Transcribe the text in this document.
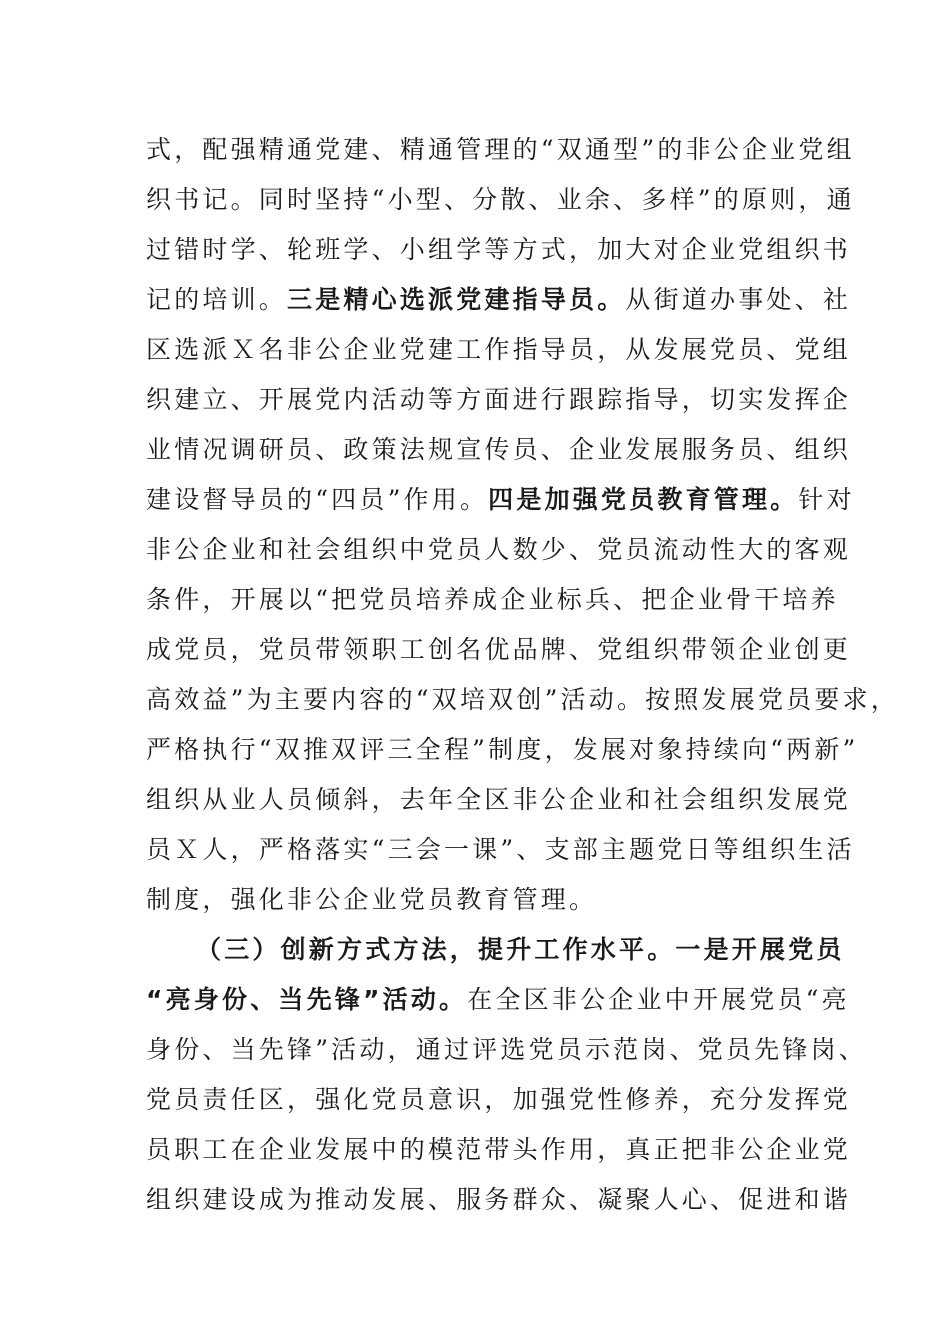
式，配强精通党建、精通管理的“双通型”的非公企业党组
织书记。同时坚持“小型、分散、业余、多样”的原则，通
过错时学、轮班学、小组学等方式，加大对企业党组织书
记的培训。三是精心选派党建指导员。从街道办事处、社
区选派Ｘ名非公企业党建工作指导员，从发展党员、党组
织建立、开展党内活动等方面进行跟踪指导，切实发挥企
业情况调研员、政策法规宣传员、企业发展服务员、组织
建设督导员的“四员”作用。四是加强党员教育管理。针对
非公企业和社会组织中党员人数少、党员流动性大的客观
条件，开展以“把党员培养成企业标兵、把企业骨干培养
成党员，党员带领职工创名优品牌、党组织带领企业创更
高效益”为主要内容的“双培双创”活动。按照发展党员要求，
严格执行“双推双评三全程”制度，发展对象持续向“两新”
组织从业人员倾斜，去年全区非公企业和社会组织发展党
员Ｘ人，严格落实“三会一课”、支部主题党日等组织生活
制度，强化非公企业党员教育管理。
（三）创新方式方法，提升工作水平。一是开展党员
“亮身份、当先锋”活动。在全区非公企业中开展党员“亮
身份、当先锋”活动，通过评选党员示范岗、党员先锋岗、
党员责任区，强化党员意识，加强党性修养，充分发挥党
员职工在企业发展中的模范带头作用，真正把非公企业党
组织建设成为推动发展、服务群众、凝聚人心、促进和谐
